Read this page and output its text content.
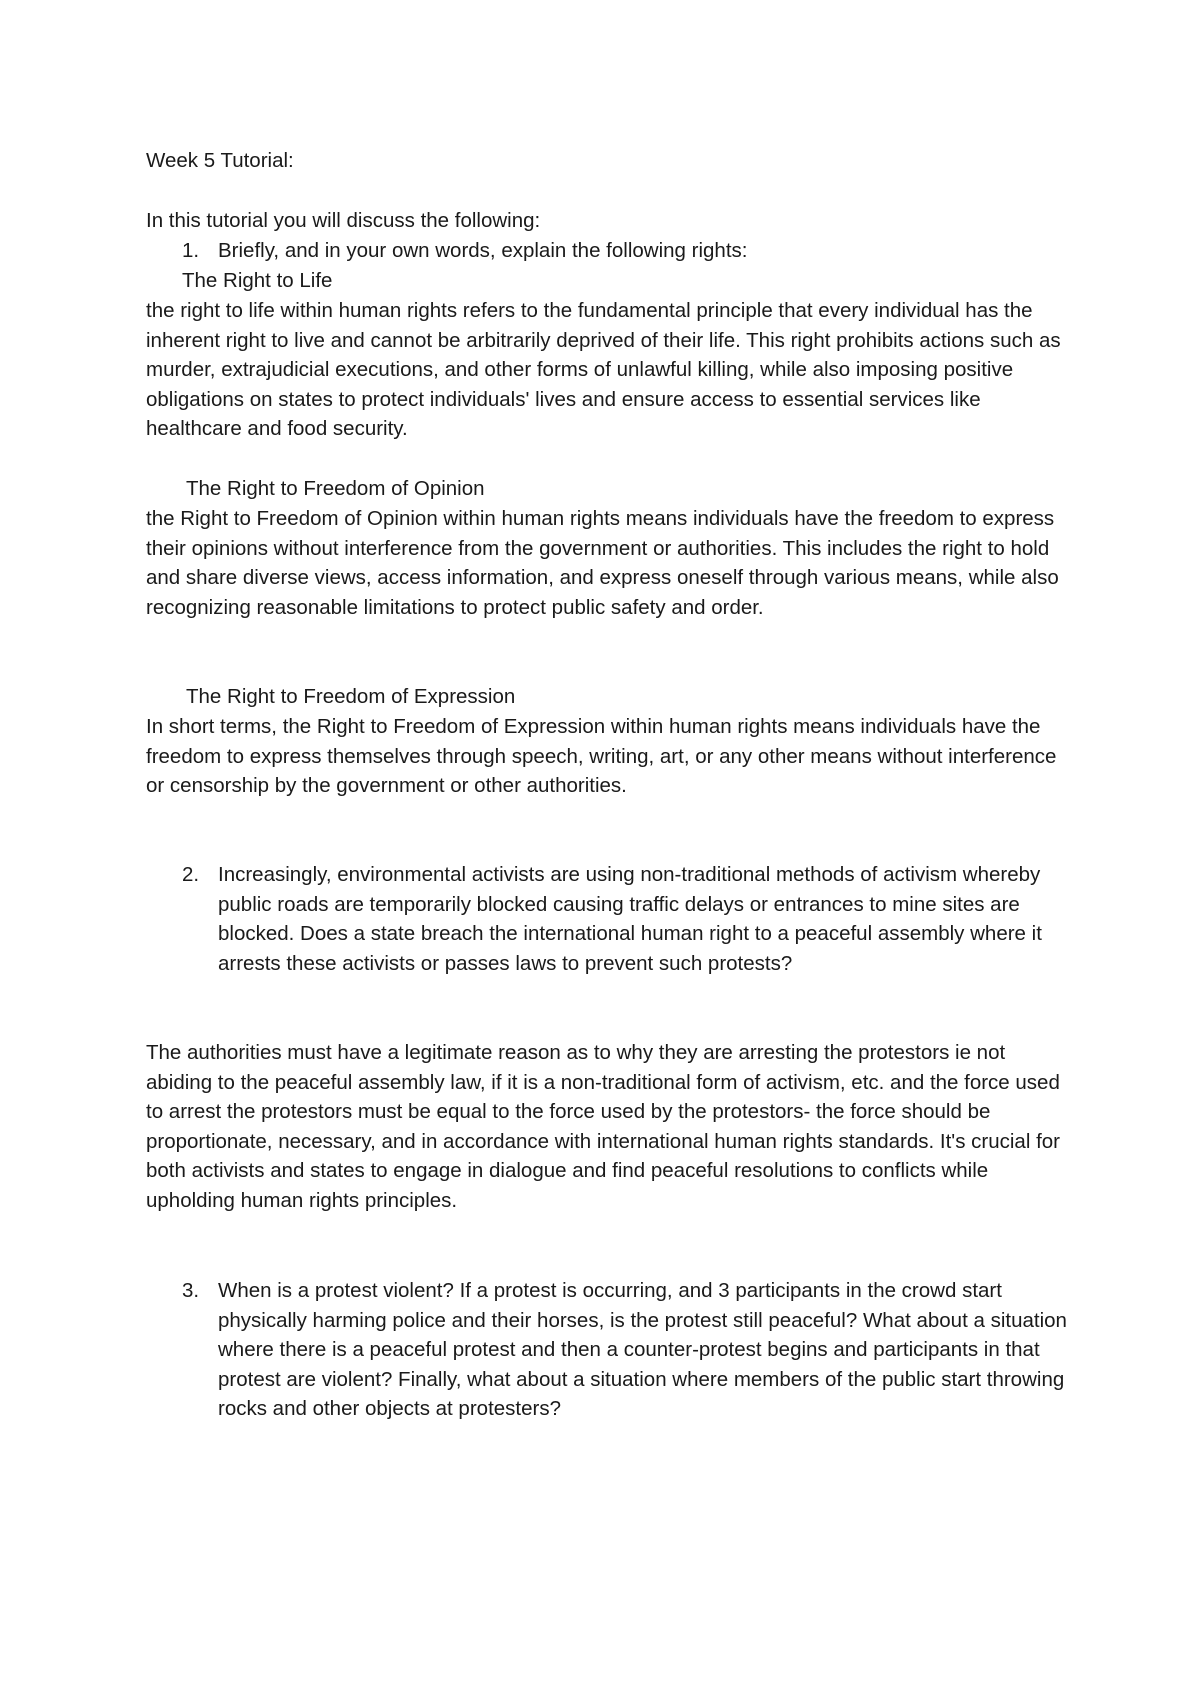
Week 5 Tutorial:

In this tutorial you will discuss the following:

1. Briefly, and in your own words, explain the following rights:

The Right to Life

the right to life within human rights refers to the fundamental principle that every individual has the inherent right to live and cannot be arbitrarily deprived of their life. This right prohibits actions such as murder, extrajudicial executions, and other forms of unlawful killing, while also imposing positive obligations on states to protect individuals' lives and ensure access to essential services like healthcare and food security.

The Right to Freedom of Opinion

the Right to Freedom of Opinion within human rights means individuals have the freedom to express their opinions without interference from the government or authorities. This includes the right to hold and share diverse views, access information, and express oneself through various means, while also recognizing reasonable limitations to protect public safety and order.

The Right to Freedom of Expression

In short terms, the Right to Freedom of Expression within human rights means individuals have the freedom to express themselves through speech, writing, art, or any other means without interference or censorship by the government or other authorities.

2. Increasingly, environmental activists are using non-traditional methods of activism whereby public roads are temporarily blocked causing traffic delays or entrances to mine sites are blocked. Does a state breach the international human right to a peaceful assembly where it arrests these activists or passes laws to prevent such protests?

The authorities must have a legitimate reason as to why they are arresting the protestors ie not abiding to the peaceful assembly law, if it is a non-traditional form of activism, etc. and the force used to arrest the protestors must be equal to the force used by the protestors- the force should be proportionate, necessary, and in accordance with international human rights standards. It's crucial for both activists and states to engage in dialogue and find peaceful resolutions to conflicts while upholding human rights principles.

3. When is a protest violent? If a protest is occurring, and 3 participants in the crowd start physically harming police and their horses, is the protest still peaceful? What about a situation where there is a peaceful protest and then a counter-protest begins and participants in that protest are violent? Finally, what about a situation where members of the public start throwing rocks and other objects at protesters?
